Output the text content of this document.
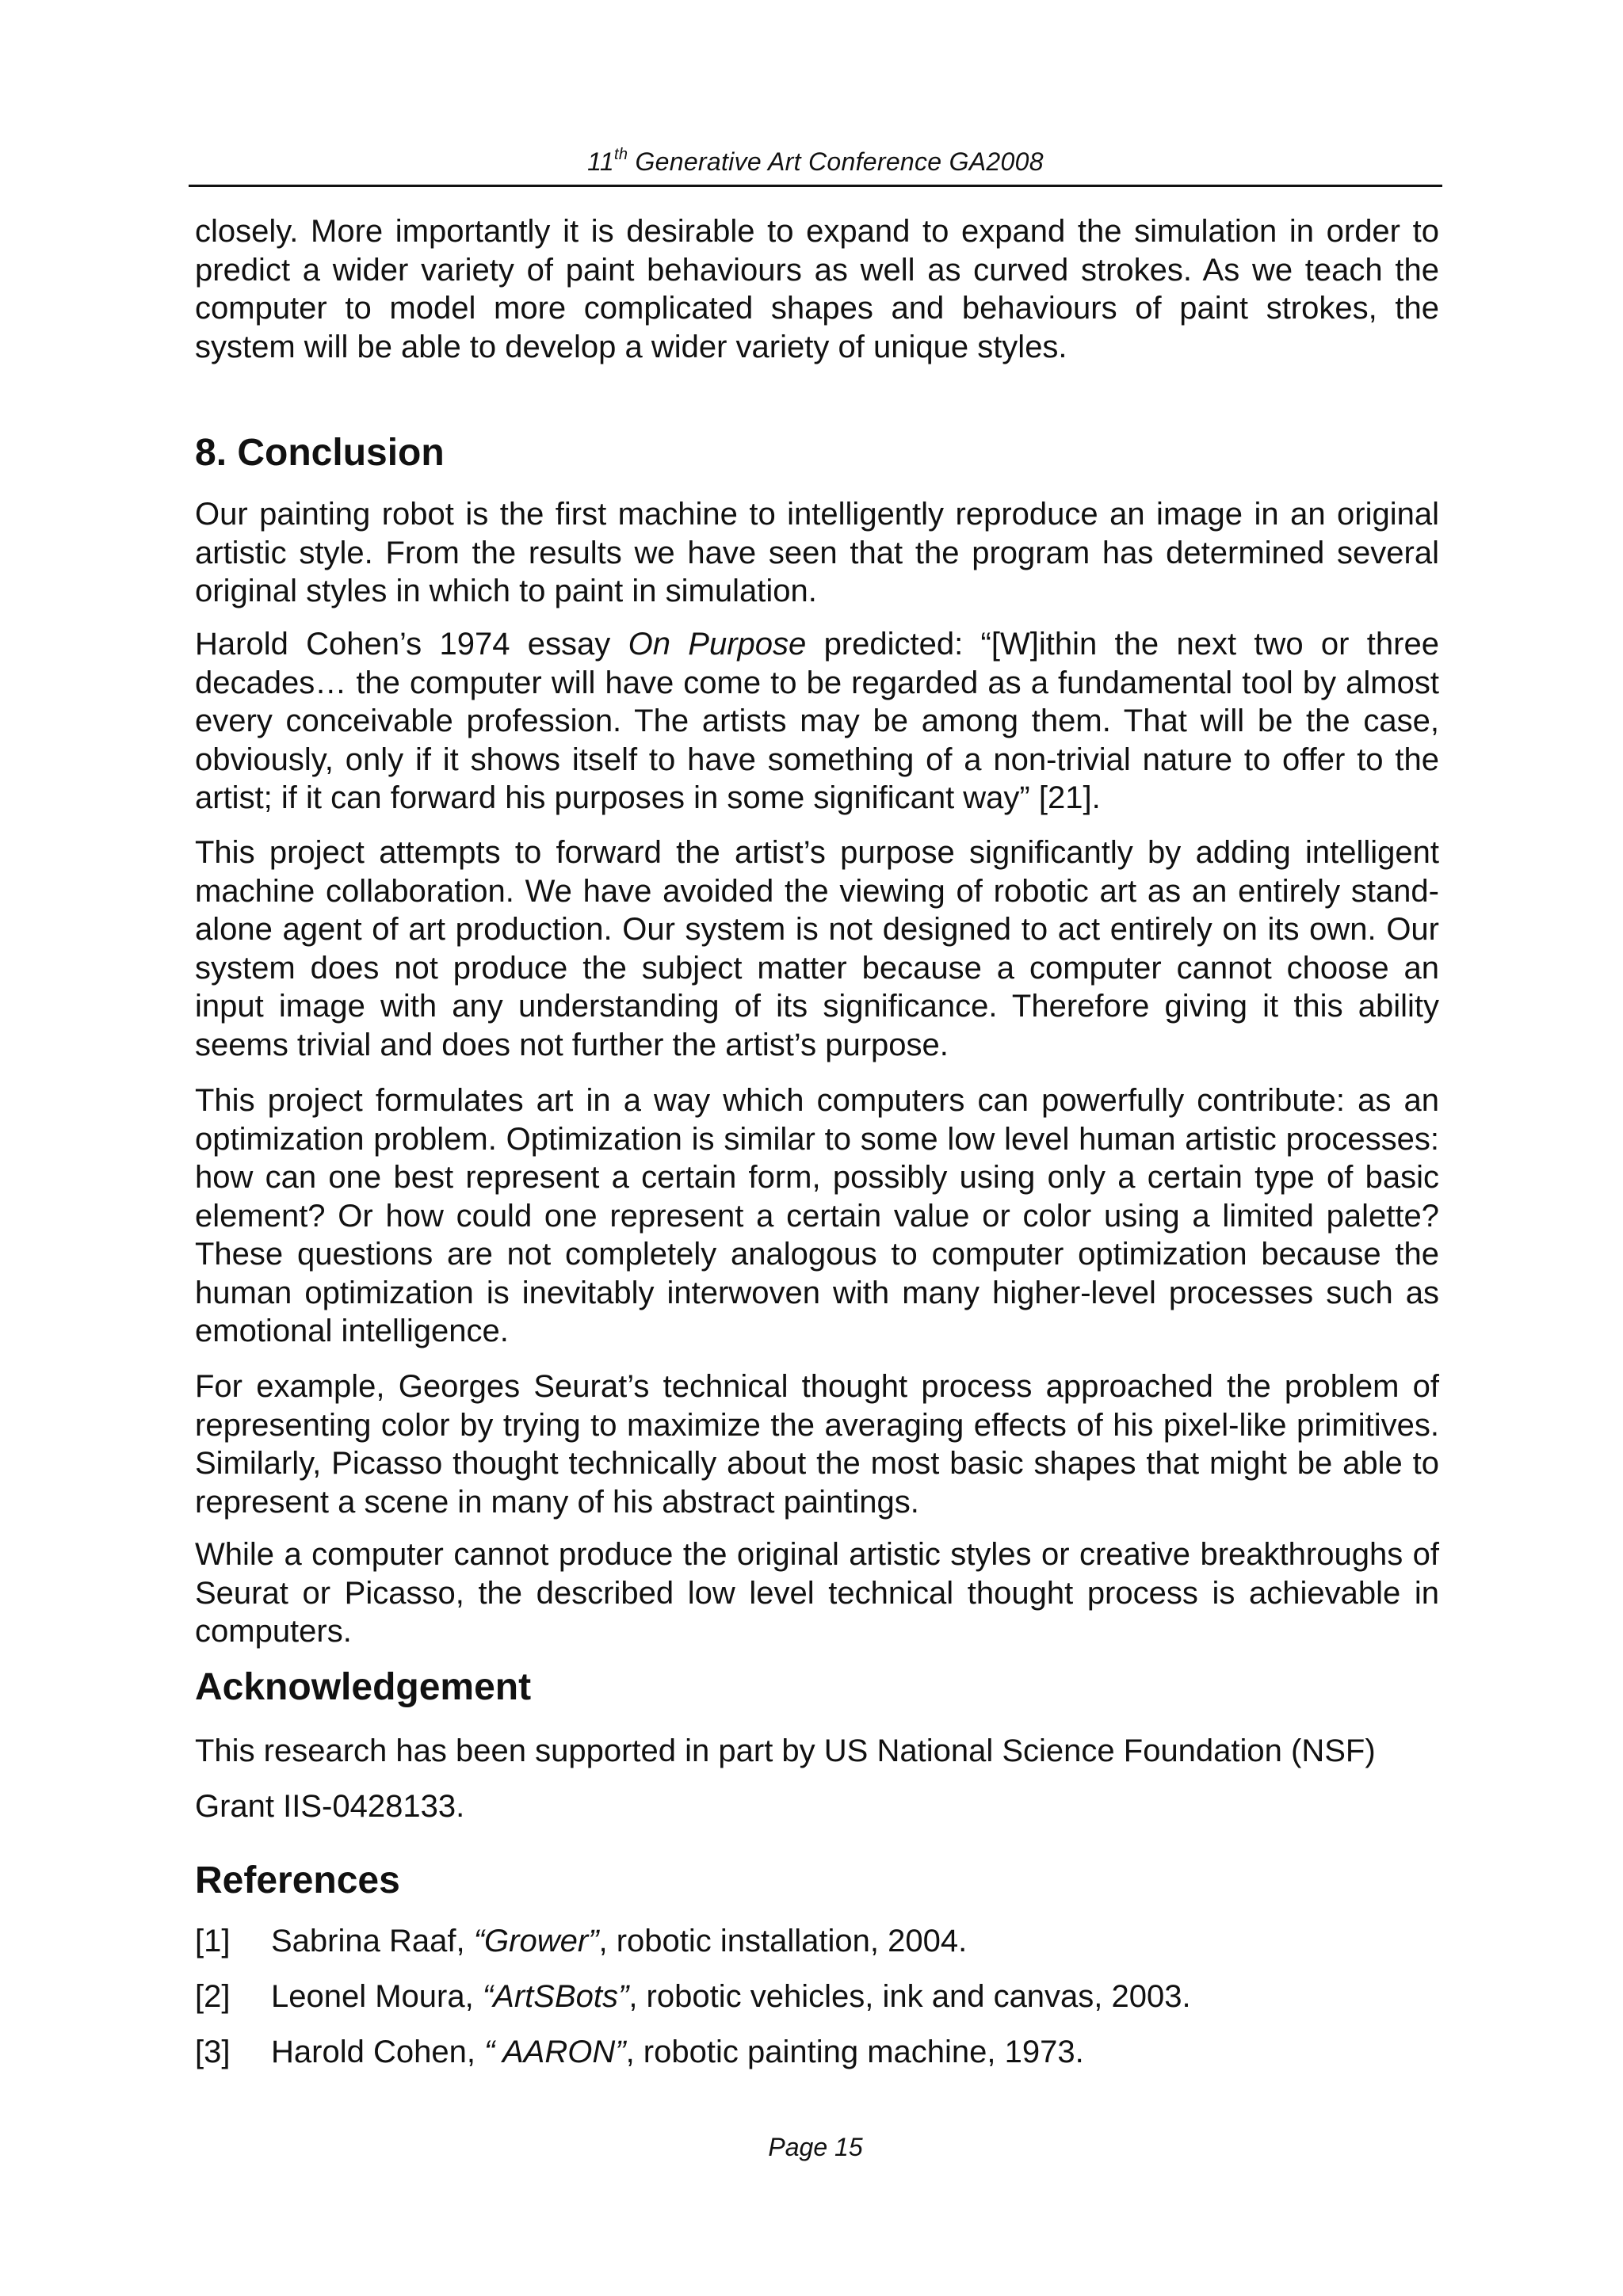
11th Generative Art Conference GA2008

closely. More importantly it is desirable to expand to expand the simulation in order to predict a wider variety of paint behaviours as well as curved strokes. As we teach the computer to model more complicated shapes and behaviours of paint strokes, the system will be able to develop a wider variety of unique styles.

8. Conclusion

Our painting robot is the first machine to intelligently reproduce an image in an original artistic style. From the results we have seen that the program has determined several original styles in which to paint in simulation.

Harold Cohen’s 1974 essay On Purpose predicted: “[W]ithin the next two or three decades… the computer will have come to be regarded as a fundamental tool by almost every conceivable profession. The artists may be among them. That will be the case, obviously, only if it shows itself to have something of a non-trivial nature to offer to the artist; if it can forward his purposes in some significant way” [21].

This project attempts to forward the artist’s purpose significantly by adding intelligent machine collaboration. We have avoided the viewing of robotic art as an entirely stand-alone agent of art production. Our system is not designed to act entirely on its own. Our system does not produce the subject matter because a computer cannot choose an input image with any understanding of its significance. Therefore giving it this ability seems trivial and does not further the artist’s purpose.

This project formulates art in a way which computers can powerfully contribute: as an optimization problem. Optimization is similar to some low level human artistic processes: how can one best represent a certain form, possibly using only a certain type of basic element? Or how could one represent a certain value or color using a limited palette? These questions are not completely analogous to computer optimization because the human optimization is inevitably interwoven with many higher-level processes such as emotional intelligence.

For example, Georges Seurat’s technical thought process approached the problem of representing color by trying to maximize the averaging effects of his pixel-like primitives. Similarly, Picasso thought technically about the most basic shapes that might be able to represent a scene in many of his abstract paintings.

While a computer cannot produce the original artistic styles or creative breakthroughs of Seurat or Picasso, the described low level technical thought process is achievable in computers.

Acknowledgement
This research has been supported in part by US National Science Foundation (NSF)
Grant IIS-0428133.
References
[1] Sabrina Raaf, “Grower”, robotic installation, 2004.
[2] Leonel Moura, “ArtSBots”, robotic vehicles, ink and canvas, 2003.
[3] Harold Cohen, “ AARON”, robotic painting machine, 1973.
Page 15
